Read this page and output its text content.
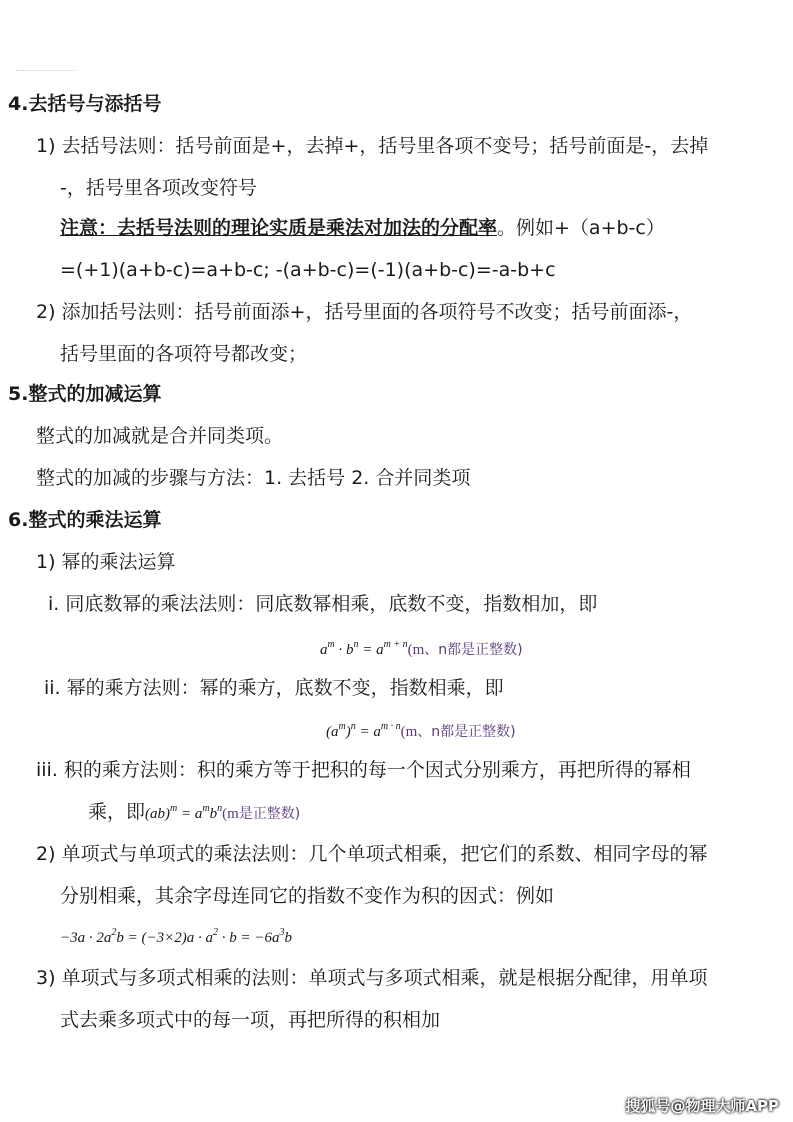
4.去括号与添括号
1) 去括号法则：括号前面是+，去掉+，括号里各项不变号；括号前面是-，去掉
-，括号里各项改变符号
注意：去括号法则的理论实质是乘法对加法的分配率。例如+（a+b-c）
=(+1)(a+b-c)=a+b-c; -(a+b-c)=(-1)(a+b-c)=-a-b+c
2) 添加括号法则：括号前面添+，括号里面的各项符号不改变；括号前面添-，
括号里面的各项符号都改变；
5.整式的加减运算
整式的加减就是合并同类项。
整式的加减的步骤与方法：1. 去括号 2. 合并同类项
6.整式的乘法运算
1) 幂的乘法运算
i. 同底数幂的乘法法则：同底数幂相乘，底数不变，指数相加，即
$a^m \cdot b^n = a^{m + n}(m$、n都是正整数)
ii. 幂的乘方法则：幂的乘方，底数不变，指数相乘，即
$(a^m)^n = a^{m \cdot n}(m$、n都是正整数)
iii. 积的乘方法则：积的乘方等于把积的每一个因式分别乘方，再把所得的幂相
乘，即$(ab)^m = a^mb^n(m$是正整数)
2) 单项式与单项式的乘法法则：几个单项式相乘，把它们的系数、相同字母的幂
分别相乘，其余字母连同它的指数不变作为积的因式：例如
$-3a \cdot 2a^2b = (-3\times 2)a \cdot a^2 \cdot b = -6a^3b$
3) 单项式与多项式相乘的法则：单项式与多项式相乘，就是根据分配律，用单项
式去乘多项式中的每一项，再把所得的积相加
搜狐号@物理大师APP
